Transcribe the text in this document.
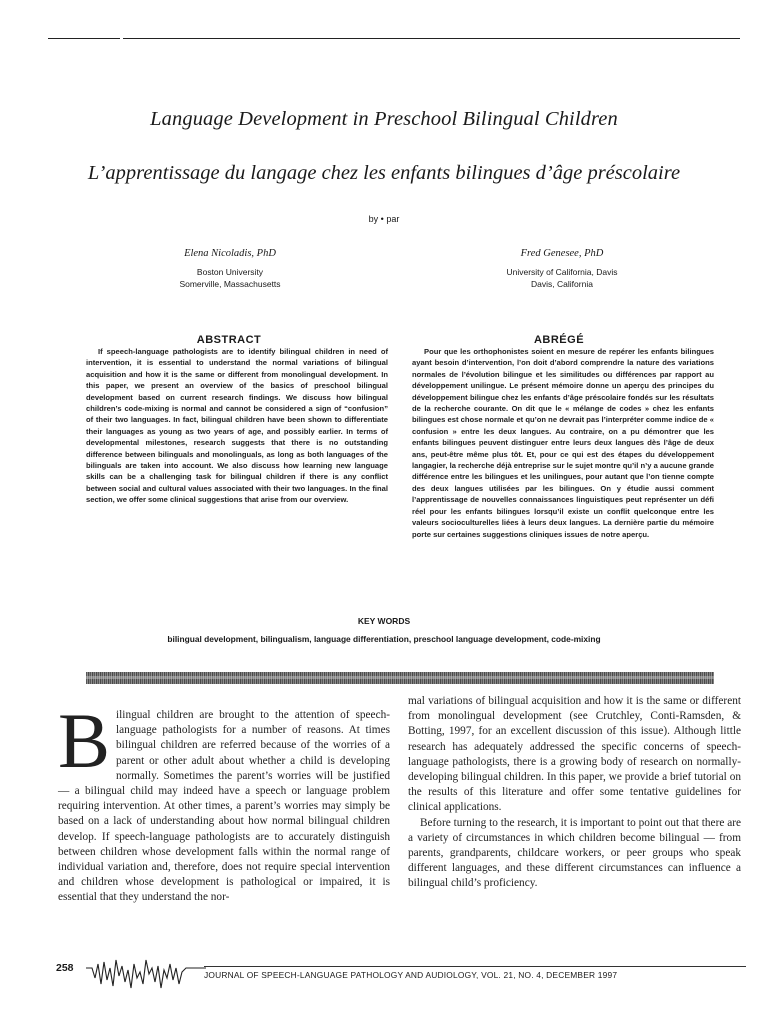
Language Development in Preschool Bilingual Children
L’apprentissage du langage chez les enfants bilingues d’âge préscolaire
by • par
Elena Nicoladis, PhD
Boston University
Somerville, Massachusetts
Fred Genesee, PhD
University of California, Davis
Davis, California
ABSTRACT	ABRÉGÉ
If speech-language pathologists are to identify bilingual children in need of intervention, it is essential to understand the normal variations of bilingual acquisition and how it is the same or different from monolingual development. In this paper, we present an overview of the basics of preschool bilingual development based on current research findings. We discuss how bilingual children’s code-mixing is normal and cannot be considered a sign of “confusion” of their two languages. In fact, bilingual children have been shown to differentiate their languages as young as two years of age, and possibly earlier. In terms of developmental milestones, research suggests that there is no outstanding difference between bilinguals and monolinguals, as long as both languages of the bilinguals are taken into account. We also discuss how learning new language skills can be a challenging task for bilingual children if there is any conflict between social and cultural values associated with their two languages. In the final section, we offer some clinical suggestions that arise from our overview.
Pour que les orthophonistes soient en mesure de repérer les enfants bilingues ayant besoin d’intervention, l’on doit d’abord comprendre la nature des variations normales de l’évolution bilingue et les similitudes ou différences par rapport au développement unilingue. Le présent mémoire donne un aperçu des principes du développement bilingue chez les enfants d’âge préscolaire fondés sur les résultats de la recherche courante. On dit que le « mélange de codes » chez les enfants bilingues est chose normale et qu’on ne devrait pas l’interpréter comme indice de « confusion » entre les deux langues. Au contraire, on a pu démontrer que les enfants bilingues peuvent distinguer entre leurs deux langues dès l’âge de deux ans, peut-être même plus tôt. Et, pour ce qui est des étapes du développement langagier, la recherche déjà entreprise sur le sujet montre qu’il n’y a aucune grande différence entre les bilingues et les unilingues, pour autant que l’on tienne compte des deux langues utilisées par les bilingues. On y étudie aussi comment l’apprentissage de nouvelles connaissances linguistiques peut représenter un défi réel pour les enfants bilingues lorsqu’il existe un conflit quelconque entre les valeurs socioculturelles liées à leurs deux langues. La dernière partie du mémoire porte sur certaines suggestions cliniques issues de notre aperçu.
KEY WORDS
bilingual development, bilingualism, language differentiation, preschool language development, code-mixing
B ilingual children are brought to the attention of speech-language pathologists for a number of reasons. At times bilingual children are referred because of the worries of a parent or other adult about whether a child is developing normally. Sometimes the parent’s worries will be justified — a bilingual child may indeed have a speech or language problem requiring intervention. At other times, a parent’s worries may simply be based on a lack of understanding about how normal bilingual children develop. If speech-language pathologists are to accurately distinguish between children whose development falls within the normal range of individual variation and, therefore, does not require special intervention and children whose development is pathological or impaired, it is essential that they understand the nor-

mal variations of bilingual acquisition and how it is the same or different from monolingual development (see Crutchley, Conti-Ramsden, & Botting, 1997, for an excellent discussion of this issue). Although little research has adequately addressed the specific concerns of speech-language pathologists, there is a growing body of research on normally-developing bilingual children. In this paper, we provide a brief tutorial on the results of this literature and offer some tentative guidelines for clinical applications.

Before turning to the research, it is important to point out that there are a variety of circumstances in which children become bilingual — from parents, grandparents, childcare workers, or peer groups who speak different languages, and these different circumstances can influence a bilingual child’s proficiency.

258
JOURNAL OF SPEECH-LANGUAGE PATHOLOGY AND AUDIOLOGY, VOL. 21, NO. 4, DECEMBER 1997
